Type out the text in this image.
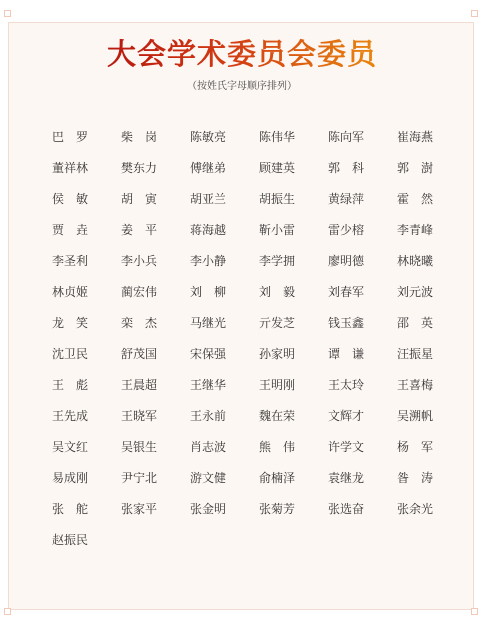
大会学术委员会委员
（按姓氏字母顺序排列）
巴　罗	柴　岗	陈敏亮	陈伟华	陈向军	崔海燕
董祥林	樊东力	傅继弟	顾建英	郭　科	郭　澍
侯　敏	胡　寅	胡亚兰	胡振生	黄绿萍	霍　然
贾　垚	姜　平	蒋海越	靳小雷	雷少榕	李青峰
李圣利	李小兵	李小静	李学拥	廖明德	林晓曦
林贞姬	蔺宏伟	刘　柳	刘　毅	刘春军	刘元波
龙　笑	栾　杰	马继光	亓发芝	钱玉鑫	邵　英
沈卫民	舒茂国	宋保强	孙家明	谭　谦	汪振星
王　彪	王晨超	王继华	王明刚	王太玲	王喜梅
王先成	王晓军	王永前	魏在荣	文辉才	吴溯帆
吴文红	吴银生	肖志波	熊　伟	许学文	杨　军
易成刚	尹宁北	游文健	俞楠泽	袁继龙	昝　涛
张　舵	张家平	张金明	张菊芳	张选奋	张余光
赵振民
